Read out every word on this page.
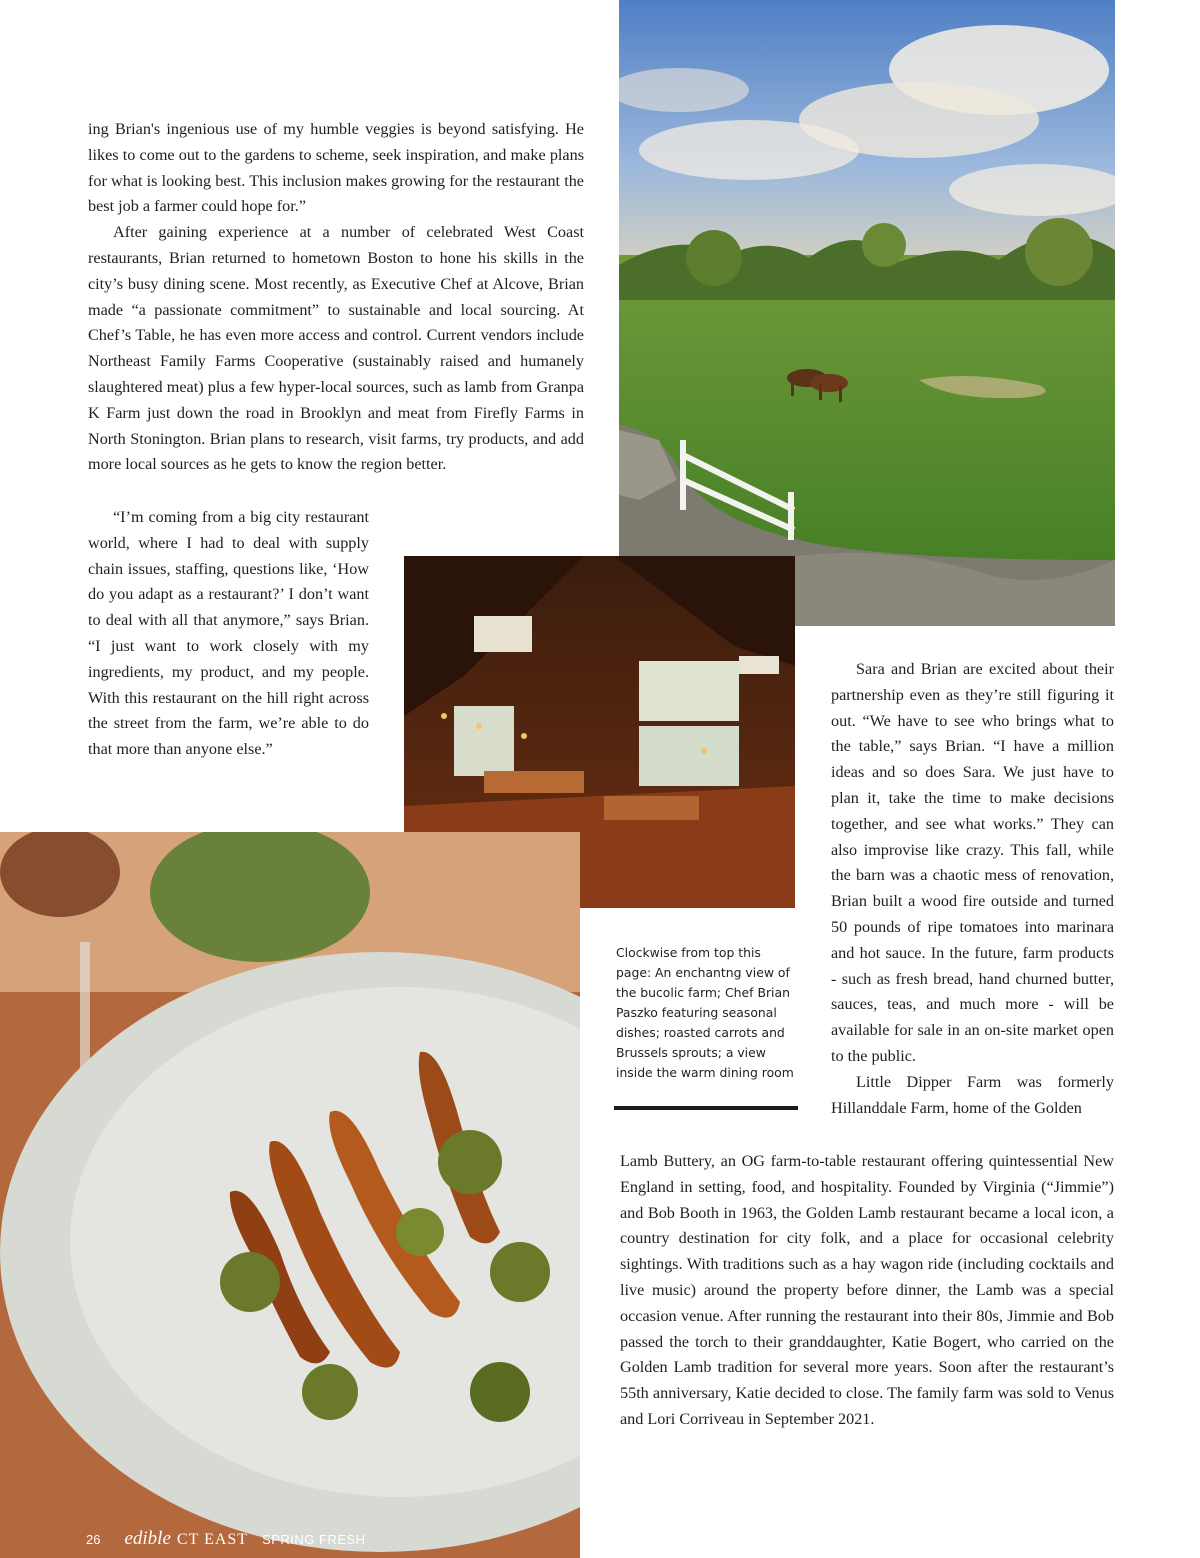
ing Brian's ingenious use of my humble veggies is beyond satisfying. He likes to come out to the gardens to scheme, seek inspiration, and make plans for what is looking best. This inclusion makes growing for the restaurant the best job a farmer could hope for.”

After gaining experience at a number of celebrated West Coast restaurants, Brian returned to hometown Boston to hone his skills in the city’s busy dining scene. Most recently, as Executive Chef at Alcove, Brian made “a passionate commitment” to sustainable and local sourcing. At Chef’s Table, he has even more access and control. Current vendors include Northeast Family Farms Cooperative (sustainably raised and humanely slaughtered meat) plus a few hyper-local sources, such as lamb from Granpa K Farm just down the road in Brooklyn and meat from Firefly Farms in North Stonington. Brian plans to research, visit farms, try products, and add more local sources as he gets to know the region better.

“I’m coming from a big city restaurant world, where I had to deal with supply chain issues, staffing, questions like, ‘How do you adapt as a restaurant?’ I don’t want to deal with all that anymore,” says Brian. “I just want to work closely with my ingredients, my product, and my people. With this restaurant on the hill right across the street from the farm, we’re able to do that more than anyone else.”

Sara and Brian are excited about their partnership even as they’re still figuring it out. “We have to see who brings what to the table,” says Brian. “I have a million ideas and so does Sara. We just have to plan it, take the time to make decisions together, and see what works.” They can also improvise like crazy. This fall, while the barn was a chaotic mess of renovation, Brian built a wood fire outside and turned 50 pounds of ripe tomatoes into marinara and hot sauce. In the future, farm products - such as fresh bread, hand churned butter, sauces, teas, and much more - will be available for sale in an on-site market open to the public.

Little Dipper Farm was formerly Hillanddale Farm, home of the Golden

Lamb Buttery, an OG farm-to-table restaurant offering quintessential New England in setting, food, and hospitality. Founded by Virginia (“Jimmie”) and Bob Booth in 1963, the Golden Lamb restaurant became a local icon, a country destination for city folk, and a place for occasional celebrity sightings. With traditions such as a hay wagon ride (including cocktails and live music) around the property before dinner, the Lamb was a special occasion venue. After running the restaurant into their 80s, Jimmie and Bob passed the torch to their granddaughter, Katie Bogert, who carried on the Golden Lamb tradition for several more years. Soon after the restaurant’s 55th anniversary, Katie decided to close. The family farm was sold to Venus and Lori Corriveau in September 2021.

Clockwise from top this page: An enchantng view of the bucolic farm; Chef Brian Paszko featuring seasonal dishes; roasted carrots and Brussels sprouts; a view inside the warm dining room
26 edible CT EAST SPRING FRESH
